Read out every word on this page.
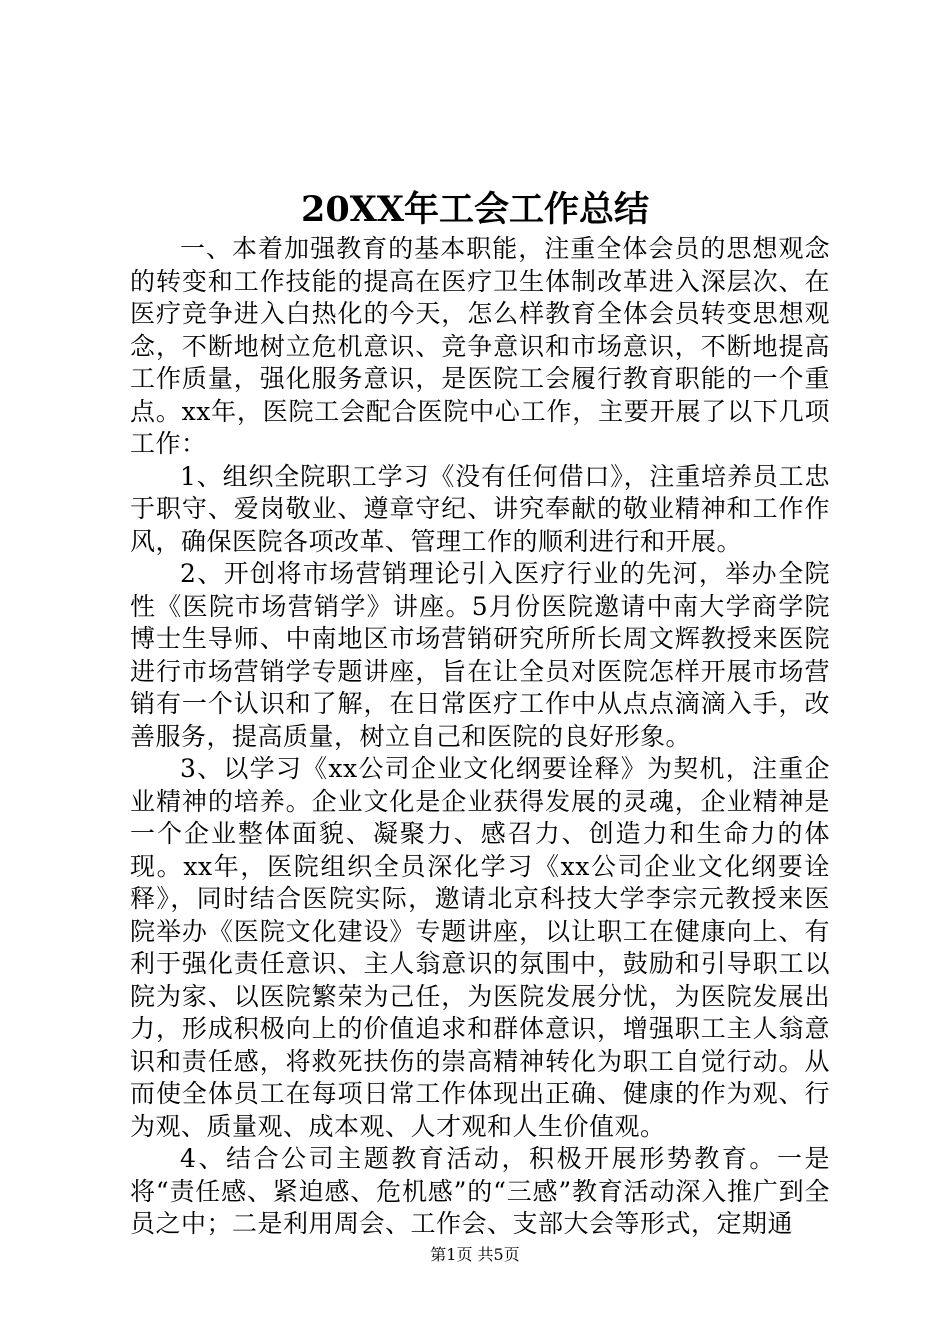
20XX年工会工作总结

一、本着加强教育的基本职能，注重全体会员的思想观念的转变和工作技能的提高在医疗卫生体制改革进入深层次、在医疗竞争进入白热化的今天，怎么样教育全体会员转变思想观念，不断地树立危机意识、竞争意识和市场意识，不断地提高工作质量，强化服务意识，是医院工会履行教育职能的一个重点。xx年，医院工会配合医院中心工作，主要开展了以下几项工作：

1、组织全院职工学习《没有任何借口》，注重培养员工忠于职守、爱岗敬业、遵章守纪、讲究奉献的敬业精神和工作作风，确保医院各项改革、管理工作的顺利进行和开展。

2、开创将市场营销理论引入医疗行业的先河，举办全院性《医院市场营销学》讲座。5月份医院邀请中南大学商学院博士生导师、中南地区市场营销研究所所长周文辉教授来医院进行市场营销学专题讲座，旨在让全员对医院怎样开展市场营销有一个认识和了解，在日常医疗工作中从点点滴滴入手，改善服务，提高质量，树立自己和医院的良好形象。

3、以学习《xx公司企业文化纲要诠释》为契机，注重企业精神的培养。企业文化是企业获得发展的灵魂，企业精神是一个企业整体面貌、凝聚力、感召力、创造力和生命力的体现。xx年，医院组织全员深化学习《xx公司企业文化纲要诠释》，同时结合医院实际，邀请北京科技大学李宗元教授来医院举办《医院文化建设》专题讲座，以让职工在健康向上、有利于强化责任意识、主人翁意识的氛围中，鼓励和引导职工以院为家、以医院繁荣为己任，为医院发展分忧，为医院发展出力，形成积极向上的价值追求和群体意识，增强职工主人翁意识和责任感，将救死扶伤的崇高精神转化为职工自觉行动。从而使全体员工在每项日常工作体现出正确、健康的作为观、行为观、质量观、成本观、人才观和人生价值观。

4、结合公司主题教育活动，积极开展形势教育。一是将“责任感、紧迫感、危机感”的“三感”教育活动深入推广到全员之中；二是利用周会、工作会、支部大会等形式，定期通

第1页 共5页
